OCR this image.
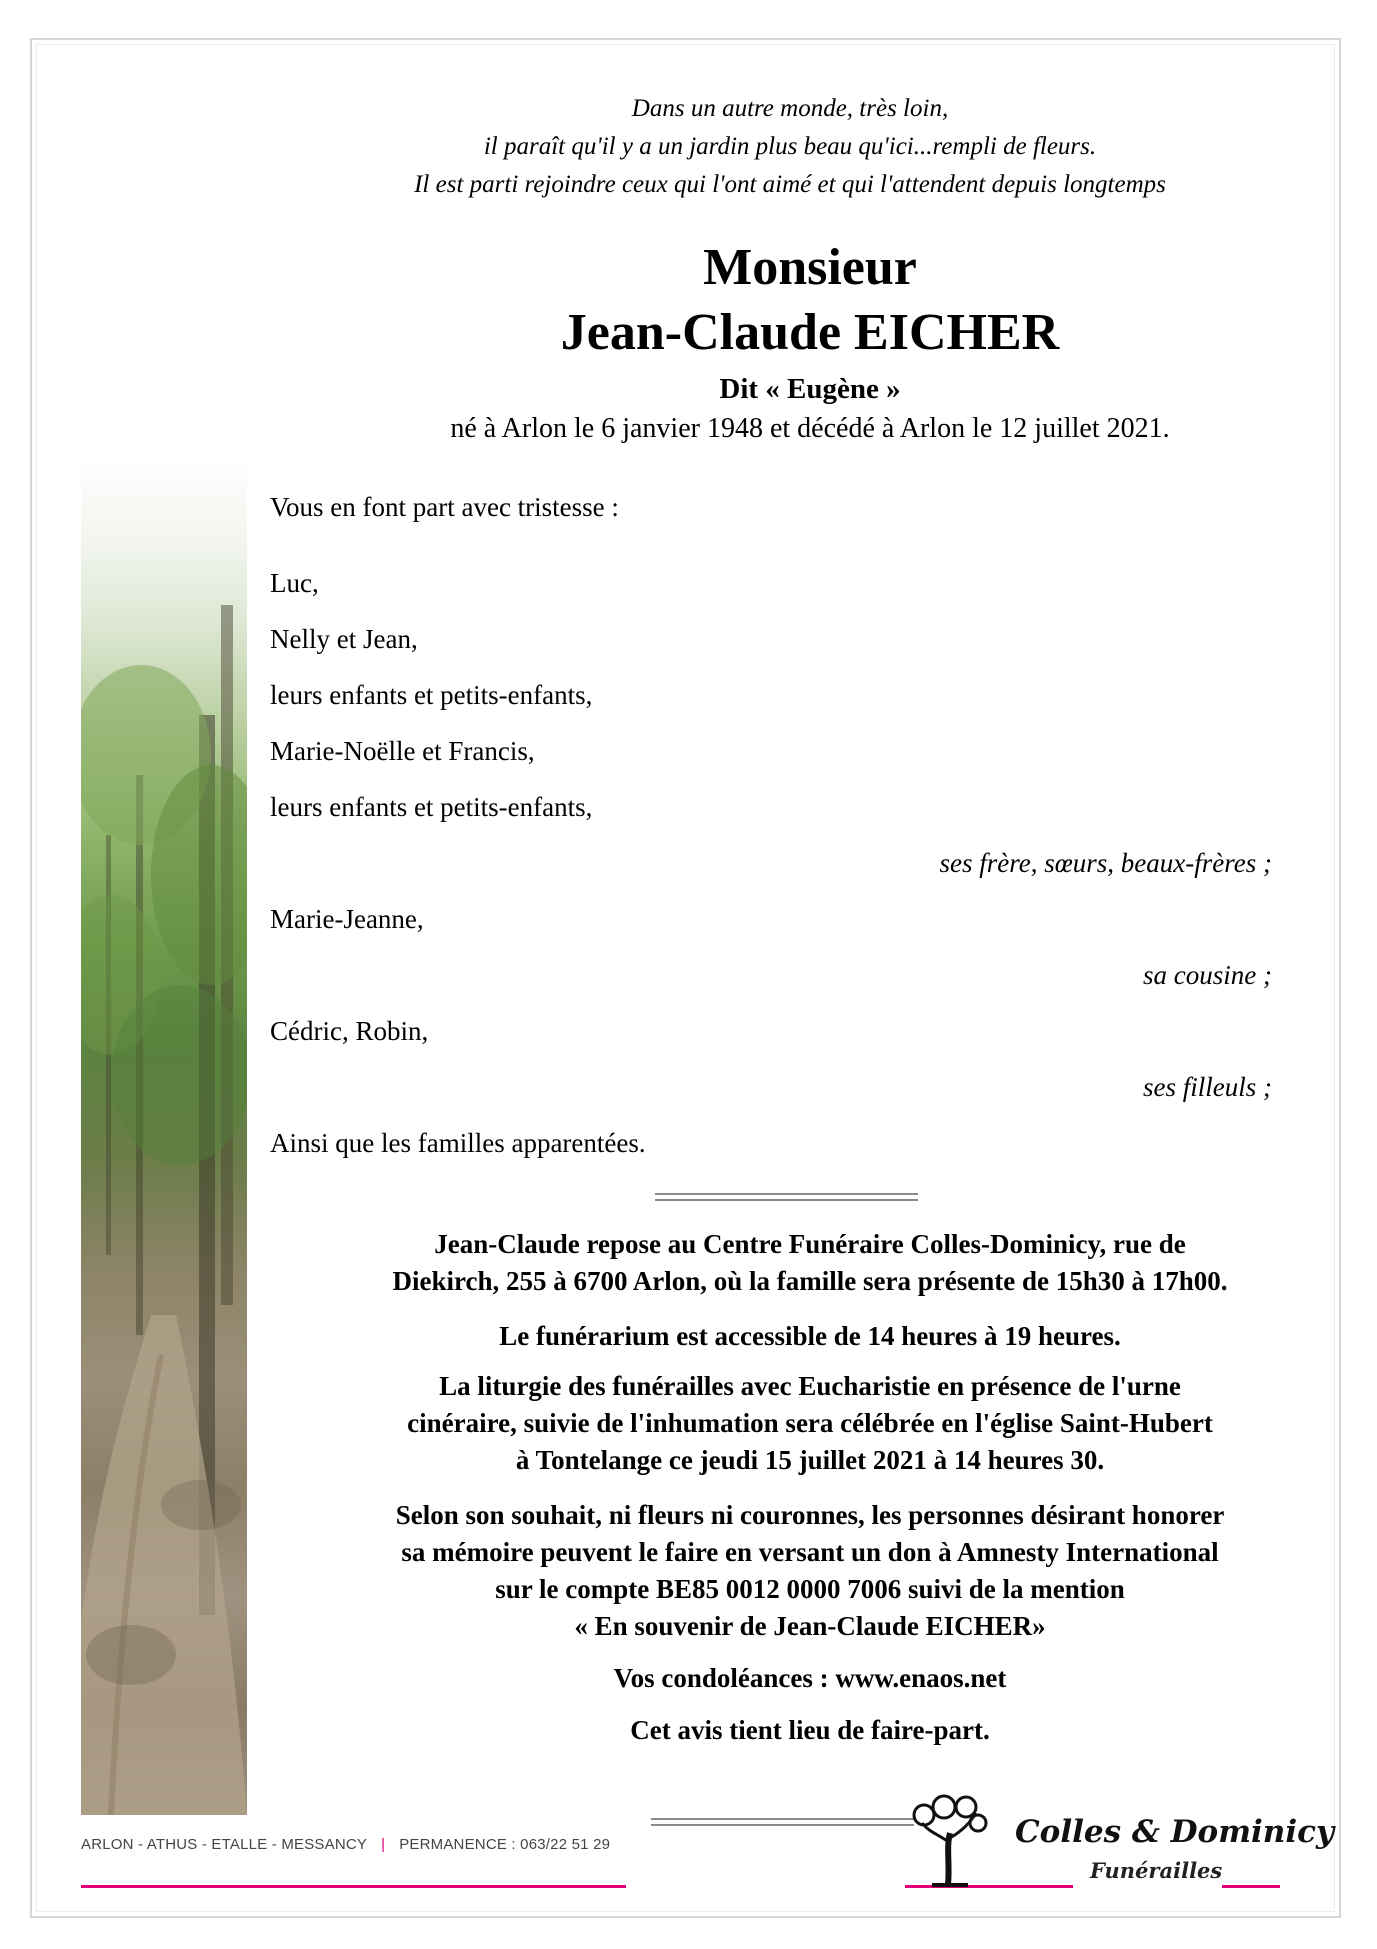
Dans un autre monde, très loin,
il paraît qu'il y a un jardin plus beau qu'ici...rempli de fleurs.
Il est parti rejoindre ceux qui l'ont aimé et qui l'attendent depuis longtemps
Monsieur
Jean-Claude EICHER
Dit « Eugène »
né à Arlon le 6 janvier 1948 et décédé à Arlon le 12 juillet 2021.
Vous en font part avec tristesse :
Luc,
Nelly et Jean,
leurs enfants et petits-enfants,
Marie-Noëlle et Francis,
leurs enfants et petits-enfants,
ses frère, sœurs, beaux-frères ;
Marie-Jeanne,
sa cousine ;
Cédric, Robin,
ses filleuls ;
Ainsi que les familles apparentées.
Jean-Claude repose au Centre Funéraire Colles-Dominicy, rue de
Diekirch, 255 à 6700 Arlon, où la famille sera présente de 15h30 à 17h00.
Le funérarium est accessible de 14 heures à 19 heures.
La liturgie des funérailles avec Eucharistie en présence de l'urne
cinéraire, suivie de l'inhumation sera célébrée en l'église Saint-Hubert
à Tontelange ce jeudi 15 juillet 2021 à 14 heures 30.
Selon son souhait, ni fleurs ni couronnes, les personnes désirant honorer
sa mémoire peuvent le faire en versant un don à Amnesty International
sur le compte BE85 0012 0000 7006 suivi de la mention
« En souvenir de Jean-Claude EICHER»
Vos condoléances : www.enaos.net
Cet avis tient lieu de faire-part.
ARLON - ATHUS - ETALLE - MESSANCY | PERMANENCE : 063/22 51 29	Colles & Dominicy
Funérailles
